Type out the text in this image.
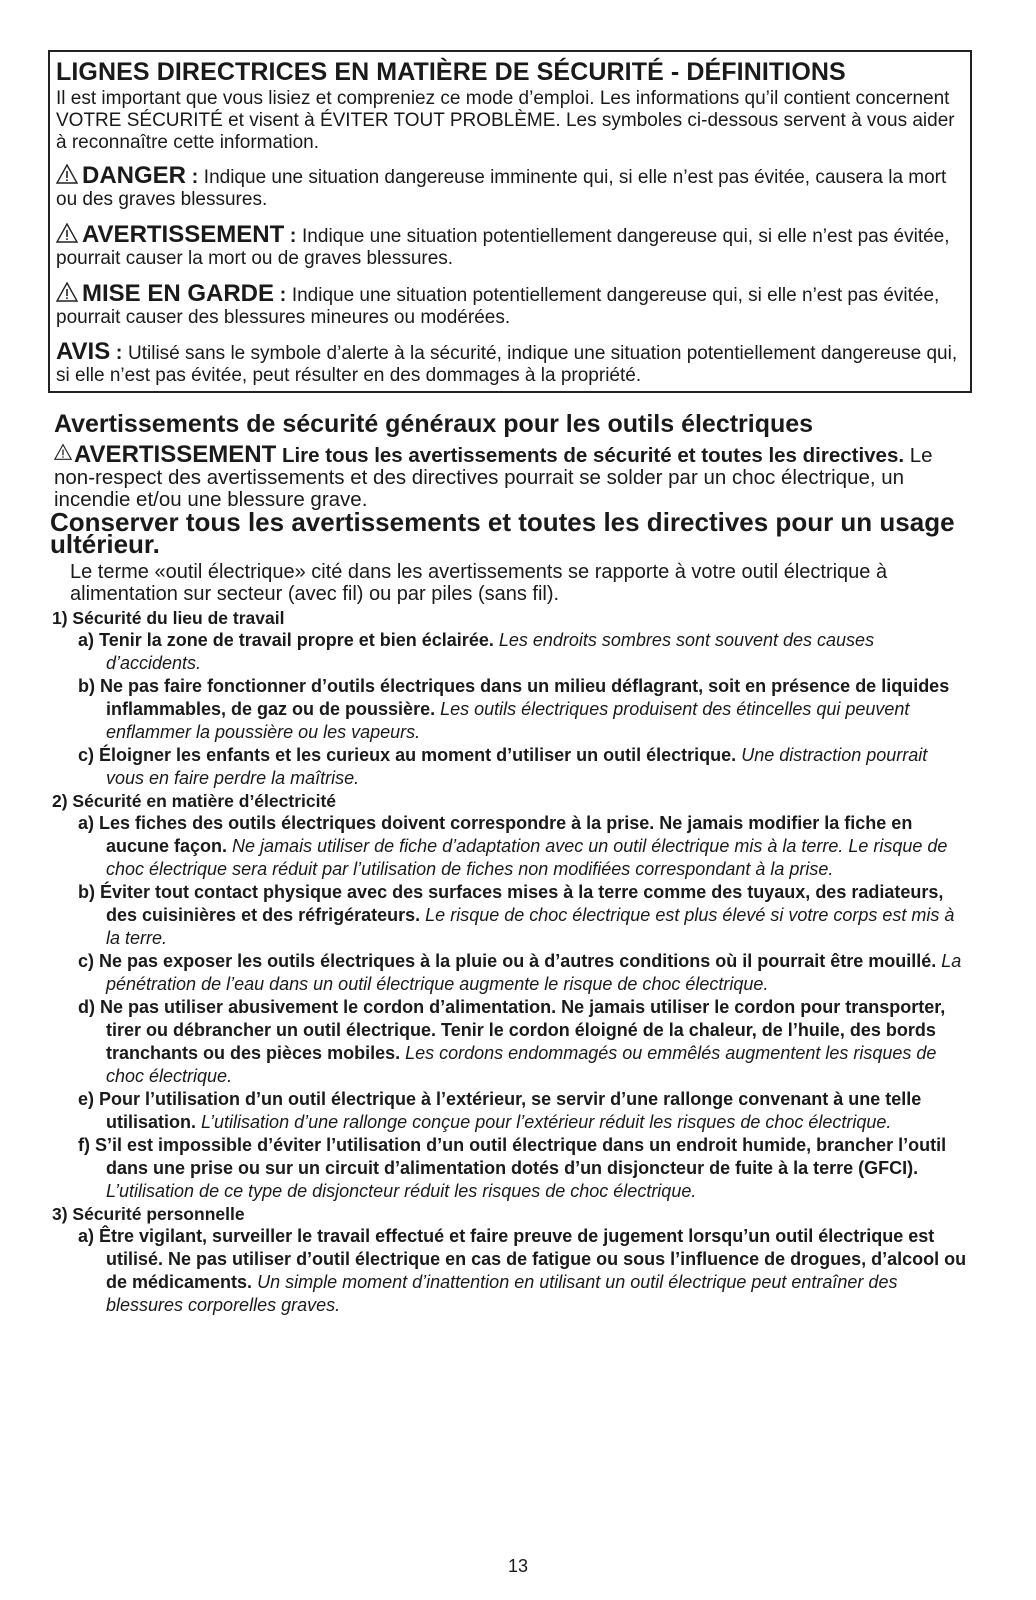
LIGNES DIRECTRICES EN MATIÈRE DE SÉCURITÉ - DÉFINITIONS

Il est important que vous lisiez et compreniez ce mode d’emploi. Les informations qu’il contient concernent VOTRE SÉCURITÉ et visent à ÉVITER TOUT PROBLÈME. Les symboles ci-dessous servent à vous aider à reconnaître cette information.

DANGER : Indique une situation dangereuse imminente qui, si elle n’est pas évitée, causera la mort ou des graves blessures.

AVERTISSEMENT : Indique une situation potentiellement dangereuse qui, si elle n’est pas évitée, pourrait causer la mort ou de graves blessures.

MISE EN GARDE : Indique une situation potentiellement dangereuse qui, si elle n’est pas évitée, pourrait causer des blessures mineures ou modérées.

AVIS : Utilisé sans le symbole d’alerte à la sécurité, indique une situation potentiellement dangereuse qui, si elle n’est pas évitée, peut résulter en des dommages à la propriété.

Avertissements de sécurité généraux pour les outils électriques

AVERTISSEMENT Lire tous les avertissements de sécurité et toutes les directives. Le non-respect des avertissements et des directives pourrait se solder par un choc électrique, un incendie et/ou une blessure grave.

Conserver tous les avertissements et toutes les directives pour un usage ultérieur.

Le terme «outil électrique» cité dans les avertissements se rapporte à votre outil électrique à alimentation sur secteur (avec fil) ou par piles (sans fil).

1) Sécurité du lieu de travail

a) Tenir la zone de travail propre et bien éclairée. Les endroits sombres sont souvent des causes d’accidents.

b) Ne pas faire fonctionner d’outils électriques dans un milieu déflagrant, soit en présence de liquides inflammables, de gaz ou de poussière. Les outils électriques produisent des étincelles qui peuvent enflammer la poussière ou les vapeurs.

c) Éloigner les enfants et les curieux au moment d’utiliser un outil électrique. Une distraction pourrait vous en faire perdre la maîtrise.

2) Sécurité en matière d’électricité

a) Les fiches des outils électriques doivent correspondre à la prise. Ne jamais modifier la fiche en aucune façon. Ne jamais utiliser de fiche d’adaptation avec un outil électrique mis à la terre. Le risque de choc électrique sera réduit par l’utilisation de fiches non modifiées correspondant à la prise.

b) Éviter tout contact physique avec des surfaces mises à la terre comme des tuyaux, des radiateurs, des cuisinières et des réfrigérateurs. Le risque de choc électrique est plus élevé si votre corps est mis à la terre.

c) Ne pas exposer les outils électriques à la pluie ou à d’autres conditions où il pourrait être mouillé. La pénétration de l’eau dans un outil électrique augmente le risque de choc électrique.

d) Ne pas utiliser abusivement le cordon d’alimentation. Ne jamais utiliser le cordon pour transporter, tirer ou débrancher un outil électrique. Tenir le cordon éloigné de la chaleur, de l’huile, des bords tranchants ou des pièces mobiles. Les cordons endommagés ou emmêlés augmentent les risques de choc électrique.

e) Pour l’utilisation d’un outil électrique à l’extérieur, se servir d’une rallonge convenant à une telle utilisation. L’utilisation d’une rallonge conçue pour l’extérieur réduit les risques de choc électrique.

f) S’il est impossible d’éviter l’utilisation d’un outil électrique dans un endroit humide, brancher l’outil dans une prise ou sur un circuit d’alimentation dotés d’un disjoncteur de fuite à la terre (GFCI). L’utilisation de ce type de disjoncteur réduit les risques de choc électrique.

3) Sécurité personnelle

a) Être vigilant, surveiller le travail effectué et faire preuve de jugement lorsqu’un outil électrique est utilisé. Ne pas utiliser d’outil électrique en cas de fatigue ou sous l’influence de drogues, d’alcool ou de médicaments. Un simple moment d’inattention en utilisant un outil électrique peut entraîner des blessures corporelles graves.

13
